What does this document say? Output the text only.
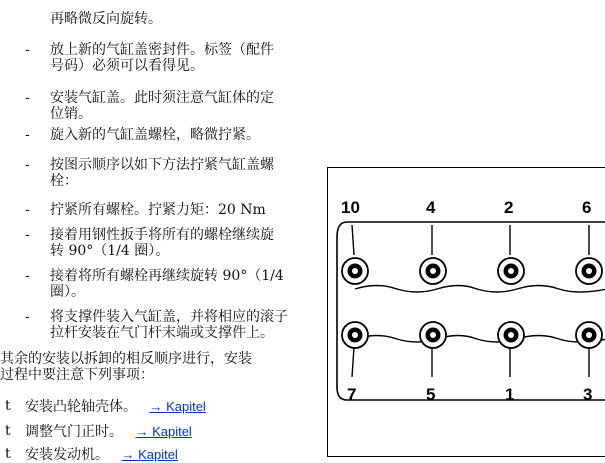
再略微反向旋转。
- 放上新的气缸盖密封件。标签（配件
号码）必须可以看得见。
- 安装气缸盖。此时须注意气缸体的定
位销。
- 旋入新的气缸盖螺栓，略微拧紧。
- 按图示顺序以如下方法拧紧气缸盖螺
栓：
- 拧紧所有螺栓。拧紧力矩：20 Nm
- 接着用钢性扳手将所有的螺栓继续旋
转 90°（1/4 圈）。
- 接着将所有螺栓再继续旋转 90°（1/4
圈）。
- 将支撑件装入气缸盖，并将相应的滚子
拉杆安装在气门杆末端或支撑件上。
其余的安装以拆卸的相反顺序进行，安装
过程中要注意下列事项：
t 安装凸轮轴壳体。 → Kapitel
t 调整气门正时。 → Kapitel
t 安装发动机。 → Kapitel
10	4	2	6
7	5	1	3
